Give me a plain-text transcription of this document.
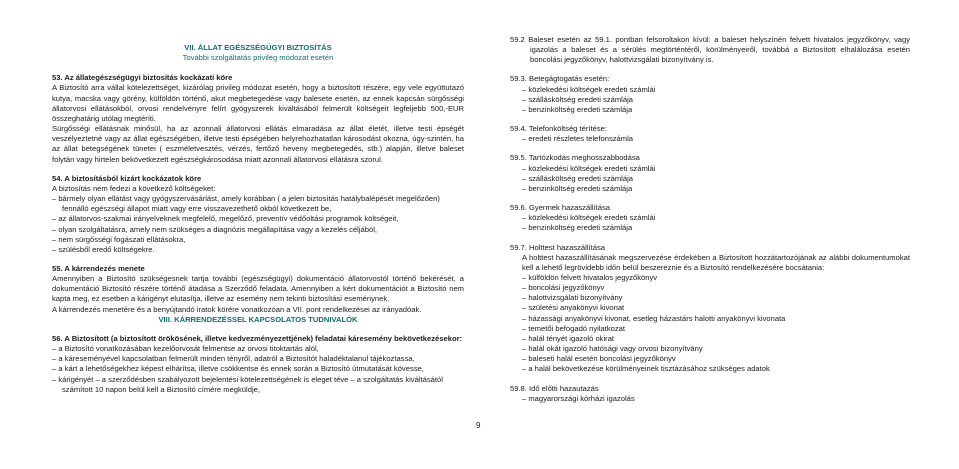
VII. ÁLLAT EGÉSZSÉGÜGYI BIZTOSÍTÁS
További szolgáltatás privileg módozat esetén
53. Az állategészségügyi biztosítás kockázati köre

A Biztosító arra vállal kötelezettséget, kizárólag privileg módozat esetén, hogy a biztosított részére, egy vele együttutazó kutya, macska vagy görény, külföldön történő, akut megbetegedése vagy balesete esetén, az ennek kapcsán sürgősségi állatorvosi ellátásokból, orvosi rendelvényre felírt gyógyszerek kiváltásából felmerült költségeit legfeljebb 500,-EUR összeghatárig utólag megtéríti.

Sürgősségi ellátásnak minősül, ha az azonnali állatorvosi ellátás elmaradása az állat életét, illetve testi épségét veszélyeztetné vagy az állat egészségében, illetve testi épségében helyrehozhatatlan károsodást okozna, úgy-szintén, ha az állat betegségének tünetei ( eszméletvesztés, vérzés, fertőző heveny megbetegedés, stb.) alapján, illetve baleset folytán vagy hirtelen bekövetkezett egészségkárosodása miatt azonnali állatorvosi ellátásra szorul.

54. A biztosításból kizárt kockázatok köre
A biztosítás nem fedezi a következő költségeket:

– bármely olyan ellátást vagy gyógyszervásárlást, amely korábban ( a jelen biztosítás hatálybalépését megelőzően) fennálló egészségi állapot miatt vagy erre visszavezethető okból következett be,

– az állatorvos-szakmai irányelveknek megfelelő, megelőző, preventív védőoltási programok költségeit,

– olyan szolgáltatásra, amely nem szükséges a diagnózis megállapítása vagy a kezelés céljából,

– nem sürgősségi fogászati ellátásokra,

– szülésből eredő költségekre.

55. A kárrendezés menete

Amennyiben a Biztosító szükségesnek tartja további (egészségügyi) dokumentáció állatorvostól történő bekérését, a dokumentáció Biztosító részére történő átadása a Szerződő feladata. Amennyiben a kért dokumentációt a Biztosító nem kapta meg, ez esetben a kárigényt elutasítja, illetve az esemény nem tekinti biztosítási eseménynek.

A kárrendezés menetére és a benyújtandó iratok körére vonatkozóan a VII. pont rendelkezései az irányadóak.

VIII. KÁRRENDEZÉSSEL KAPCSOLATOS TUDNIVALÓK
56. A Biztosított (a biztosított örökösének, illetve kedvezményezettjének) feladatai káresemény bekövetkezésekor:

– a Biztosító vonatkozásában kezelőorvosát felmentse az orvosi titoktartás alól,

– a káreseményével kapcsolatban felmerült minden tényről, adatról a Biztosítót haladéktalanul tájékoztassa,

– a kárt a lehetőségekhez képest elhárítsa, illetve csökkentse és ennek során a Biztosító útmutatását kövesse,

– kárigényét – a szerződésben szabályozott bejelentési kötelezettségének is eleget téve – a szolgáltatás kiváltásától számított 10 napon belül kell a Biztosító címére megküldje,

9

59.2 Baleset esetén az 59.1. pontban felsoroltakon kívül: a baleset helyszínén felvett hivatalos jegyzőkönyv, vagy igazolás a baleset és a sérülés megtörténtéről, körülményeiről, továbbá a Biztosított elhalálozása esetén boncolási jegyzőkönyv, halottvizsgálati bizonyítvány is.

59.3. Betegágtogatás esetén:
– közlekedési költségek eredeti számlái
– szállásköltség eredeti számlája
– benzinköltség eredeti számlája
59.4. Telefonköltség térítése:
– eredeti részletes telefonszámla
59.5. Tartózkodás meghosszabbodása
– közlekedési költségek eredeti számlái
– szállásköltség eredeti számlája
– benzinköltség eredeti számlája
59.6. Gyermek hazaszállítása
– közlekedési költségek eredeti számlái
– benzinköltség eredeti számlája
59.7. Holttest hazaszállítása

A holttest hazaszállításának megszervezése érdekében a Biztosított hozzátartozójának az alábbi dokumentumokat kell a lehető legrövidebb időn belül beszereznie és a Biztosító rendelkezésére bocsátania:

– külföldön felvett hivatalos jegyzőkönyv
– boncolási jegyzőkönyv
– halottvizsgálati bizonyítvány
– születési anyakönyvi kivonat
– házassági anyakönyvi kivonat, esetleg házastárs halotti anyakönyvi kivonata
– temetői befogadó nyilatkozat
– halál tényét igazoló okirat
– halál okát igazoló hatósági vagy orvosi bizonyítvány
– baleseti halál esetén boncolási jegyzőkönyv
– a halál bekövetkezése körülményeinek tisztázásához szükséges adatok
59.8. Idő előtti hazautazás
– magyarországi kórházi igazolás
